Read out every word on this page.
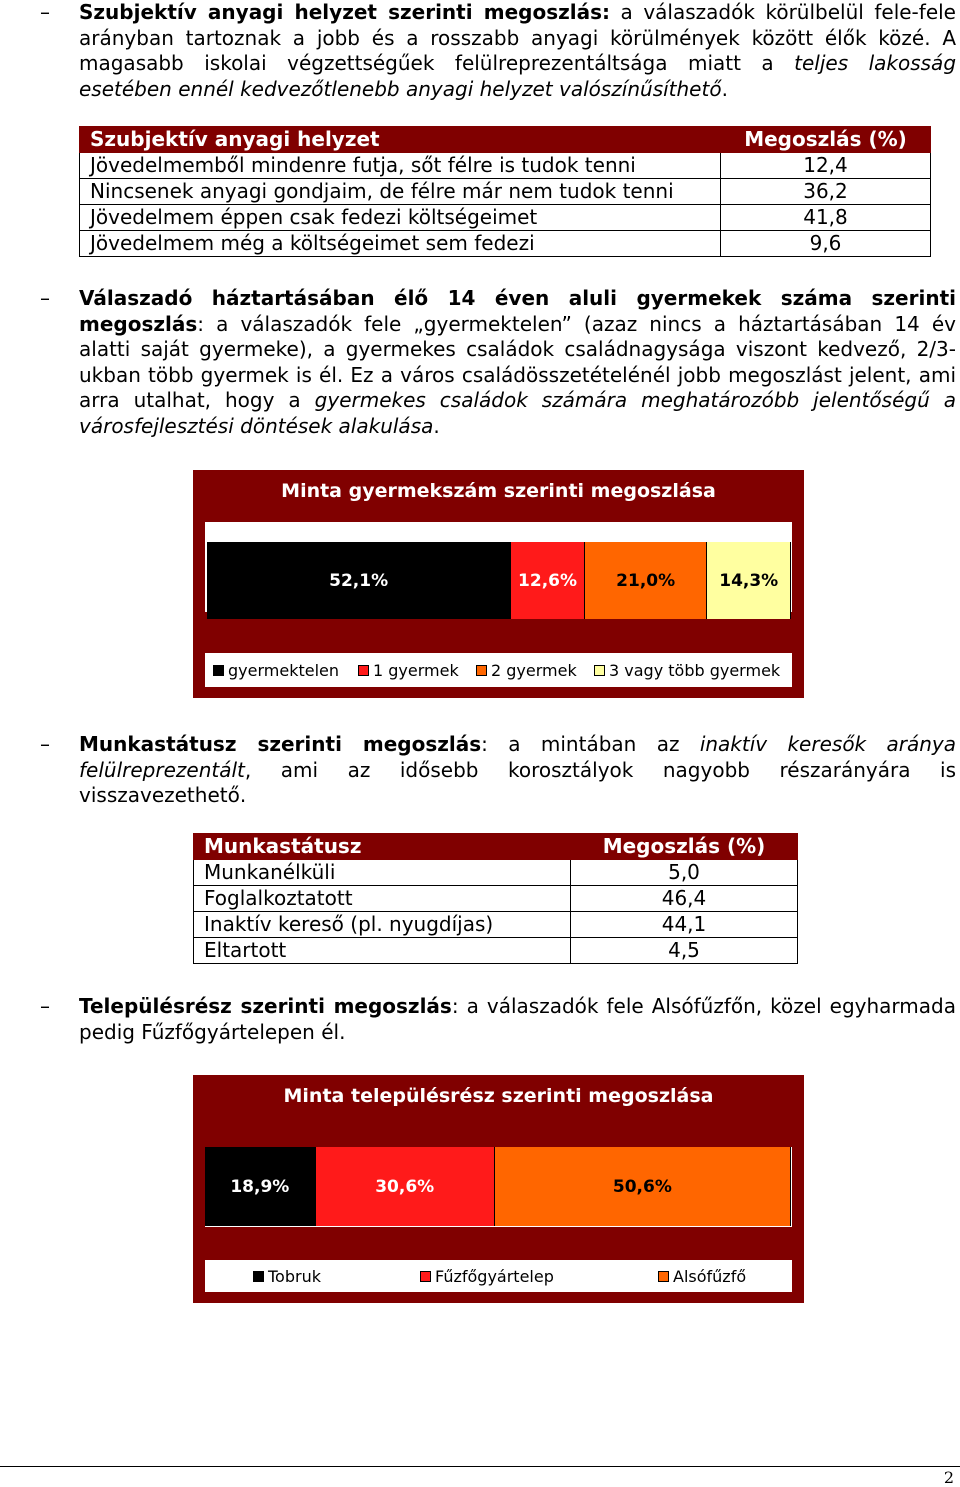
– Szubjektív anyagi helyzet szerinti megoszlás: a válaszadók körülbelül fele-fele arányban tartoznak a jobb és a rosszabb anyagi körülmények között élők közé. A magasabb iskolai végzettségűek felülreprezentáltsága miatt a teljes lakosság esetében ennél kedvezőtlenebb anyagi helyzet valószínűsíthető.
Szubjektív anyagi helyzet	Megoszlás (%)
Jövedelmemből mindenre futja, sőt félre is tudok tenni	12,4
Nincsenek anyagi gondjaim, de félre már nem tudok tenni	36,2
Jövedelmem éppen csak fedezi költségeimet	41,8
Jövedelmem még a költségeimet sem fedezi	9,6
– Válaszadó háztartásában élő 14 éven aluli gyermekek száma szerinti megoszlás: a válaszadók fele „gyermektelen” (azaz nincs a háztartásában 14 év alatti saját gyermeke), a gyermekes családok családnagysága viszont kedvező, 2/3-ukban több gyermek is él. Ez a város családösszetételénél jobb megoszlást jelent, ami arra utalhat, hogy a gyermekes családok számára meghatározóbb jelentőségű a városfejlesztési döntések alakulása.
Minta gyermekszám szerinti megoszlása
52,1%	12,6% 21,0%	14,3%
gyermektelen 1 gyermek 2 gyermek 3 vagy több gyermek
– Munkastátusz szerinti megoszlás: a mintában az inaktív keresők aránya felülreprezentált, ami az idősebb korosztályok nagyobb részarányára is visszavezethető.
Munkastátusz	Megoszlás (%)
Munkanélküli	5,0
Foglalkoztatott	46,4
Inaktív kereső (pl. nyugdíjas)	44,1
Eltartott	4,5
– Településrész szerinti megoszlás: a válaszadók fele Alsófűzfőn, közel egyharmada pedig Fűzfőgyártelepen él.
Minta településrész szerinti megoszlása
18,9%	30,6%	50,6%
Tobruk	Fűzfőgyártelep	Alsófűzfő
2
